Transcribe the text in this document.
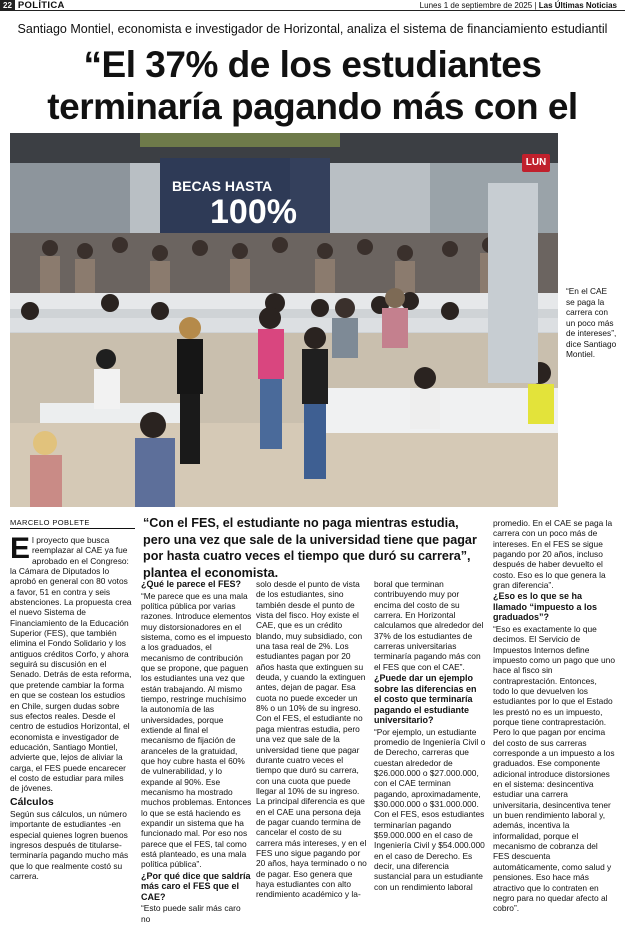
22 POLÍTICA	Lunes 1 de septiembre de 2025 | Las Últimas Noticias
Santiago Montiel, economista e investigador de Horizontal, analiza el sistema de financiamiento estudiantil
“El 37% de los estudiantes terminaría pagando más con el
BECAS HASTA
100%
LUN
DAVID VELÁSQUEZ
“En el CAE
se paga la
carrera con
un poco más
de intereses”,
dice Santiago
Montiel.
MARCELO POBLETE	“Con el FES, el estudiante no paga mientras estudia, pero una vez que sale de la universidad tiene que pagar por hasta cuatro veces el tiempo que duró su carrera”, plantea el economista.

El proyecto que busca reemplazar al CAE ya fue aprobado en el Congreso: la Cámara de Diputados lo aprobó en general con 80 votos a favor, 51 en contra y seis abstenciones. La propuesta crea el nuevo Sistema de Financiamiento de la Educación Superior (FES), que también elimina el Fondo Solidario y los antiguos créditos Corfo, y ahora seguirá su discusión en el Senado. Detrás de esta reforma, que pretende cambiar la forma en que se costean los estudios en Chile, surgen dudas sobre sus efectos reales. Desde el centro de estudios Horizontal, el economista e investigador de educación, Santiago Montiel, advierte que, lejos de aliviar la carga, el FES puede encarecer el costo de estudiar para miles de jóvenes.

Cálculos

Según sus cálculos, un número importante de estudiantes -en especial quienes logren buenos ingresos después de titularse- terminaría pagando mucho más que lo que realmente costó su carrera.

¿Qué le parece el FES?

“Me parece que es una mala política pública por varias razones. Introduce elementos muy distorsionadores en el sistema, como es el impuesto a los graduados, el mecanismo de contribución que se propone, que paguen los estudiantes una vez que están trabajando. Al mismo tiempo, restringe muchísimo la autonomía de las universidades, porque extiende al final el mecanismo de fijación de aranceles de la gratuidad, que hoy cubre hasta el 60% de vulnerabilidad, y lo expande al 90%. Ese mecanismo ha mostrado muchos problemas. Entonces lo que se está haciendo es expandir un sistema que ha funcionado mal. Por eso nos parece que el FES, tal como está planteado, es una mala política pública”.

¿Por qué dice que saldría más caro el FES que el CAE?

“Esto puede salir más caro no

solo desde el punto de vista de los estudiantes, sino también desde el punto de vista del fisco. Hoy existe el CAE, que es un crédito blando, muy subsidiado, con una tasa real de 2%. Los estudiantes pagan por 20 años hasta que extinguen su deuda, y cuando la extinguen antes, dejan de pagar. Esa cuota no puede exceder un 8% o un 10% de su ingreso. Con el FES, el estudiante no paga mientras estudia, pero una vez que sale de la universidad tiene que pagar durante cuatro veces el tiempo que duró su carrera, con una cuota que puede llegar al 10% de su ingreso. La principal diferencia es que en el CAE una persona deja de pagar cuando termina de cancelar el costo de su carrera más intereses, y en el FES uno sigue pagando por 20 años, haya terminado o no de pagar. Eso genera que haya estudiantes con alto rendimiento académico y la-

boral que terminan contribuyendo muy por encima del costo de su carrera. En Horizontal calculamos que alrededor del 37% de los estudiantes de carreras universitarias terminaría pagando más con el FES que con el CAE”.

¿Puede dar un ejemplo sobre las diferencias en el costo que terminaría pagando el estudiante universitario?

“Por ejemplo, un estudiante promedio de Ingeniería Civil o de Derecho, carreras que cuestan alrededor de $26.000.000 o $27.000.000, con el CAE terminan pagando, aproximadamente, $30.000.000 o $31.000.000. Con el FES, esos estudiantes terminarían pagando $59.000.000 en el caso de Ingeniería Civil y $54.000.000 en el caso de Derecho. Es decir, una diferencia sustancial para un estudiante con un rendimiento laboral

promedio. En el CAE se paga la carrera con un poco más de intereses. En el FES se sigue pagando por 20 años, incluso después de haber devuelto el costo. Eso es lo que genera la gran diferencia”.

¿Eso es lo que se ha llamado “impuesto a los graduados”?

“Eso es exactamente lo que decimos. El Servicio de Impuestos Internos define impuesto como un pago que uno hace al fisco sin contraprestación. Entonces, todo lo que devuelven los estudiantes por lo que el Estado les prestó no es un impuesto, porque tiene contraprestación. Pero lo que pagan por encima del costo de sus carreras corresponde a un impuesto a los graduados. Ese componente adicional introduce distorsiones en el sistema: desincentiva estudiar una carrera universitaria, desincentiva tener un buen rendimiento laboral y, además, incentiva la informalidad, porque el mecanismo de cobranza del FES descuenta automáticamente, como salud y pensiones. Eso hace más atractivo que lo contraten en negro para no quedar afecto al cobro”.
